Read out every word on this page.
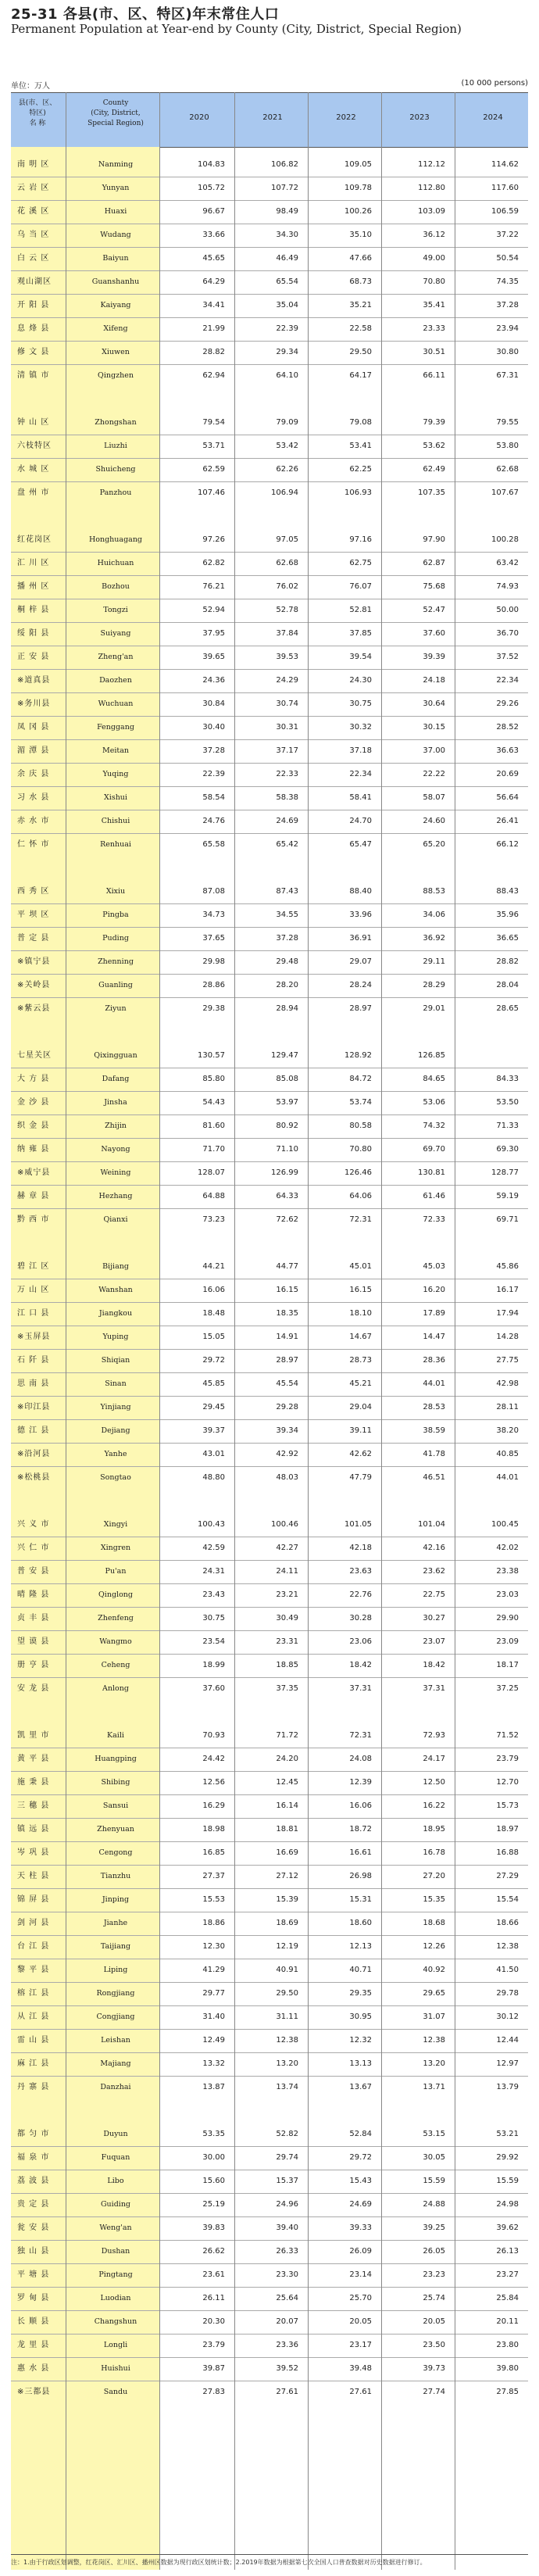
25-31 各县(市、区、特区)年末常住人口
Permanent Population at Year-end by County (City, District, Special Region)
单位：万人	(10 000 persons)
县(市、区、
特区)
名 称
County
(City, District,
Special Region)
2020	2021	2022	2023	2024
南 明 区	Nanming	104.83	106.82	109.05	112.12	114.62
云 岩 区	Yunyan	105.72	107.72	109.78	112.80	117.60
花 溪 区	Huaxi	96.67	98.49	100.26	103.09	106.59
乌 当 区	Wudang	33.66	34.30	35.10	36.12	37.22
白 云 区	Baiyun	45.65	46.49	47.66	49.00	50.54
观山湖区	Guanshanhu	64.29	65.54	68.73	70.80	74.35
开 阳 县	Kaiyang	34.41	35.04	35.21	35.41	37.28
息 烽 县	Xifeng	21.99	22.39	22.58	23.33	23.94
修 文 县	Xiuwen	28.82	29.34	29.50	30.51	30.80
清 镇 市	Qingzhen	62.94	64.10	64.17	66.11	67.31
钟 山 区	Zhongshan	79.54	79.09	79.08	79.39	79.55
六枝特区	Liuzhi	53.71	53.42	53.41	53.62	53.80
水 城 区	Shuicheng	62.59	62.26	62.25	62.49	62.68
盘 州 市	Panzhou	107.46	106.94	106.93	107.35	107.67
红花岗区	Honghuagang	97.26	97.05	97.16	97.90	100.28
汇 川 区	Huichuan	62.82	62.68	62.75	62.87	63.42
播 州 区	Bozhou	76.21	76.02	76.07	75.68	74.93
桐 梓 县	Tongzi	52.94	52.78	52.81	52.47	50.00
绥 阳 县	Suiyang	37.95	37.84	37.85	37.60	36.70
正 安 县	Zheng'an	39.65	39.53	39.54	39.39	37.52
※道真县	Daozhen	24.36	24.29	24.30	24.18	22.34
※务川县	Wuchuan	30.84	30.74	30.75	30.64	29.26
凤 冈 县	Fenggang	30.40	30.31	30.32	30.15	28.52
湄 潭 县	Meitan	37.28	37.17	37.18	37.00	36.63
余 庆 县	Yuqing	22.39	22.33	22.34	22.22	20.69
习 水 县	Xishui	58.54	58.38	58.41	58.07	56.64
赤 水 市	Chishui	24.76	24.69	24.70	24.60	26.41
仁 怀 市	Renhuai	65.58	65.42	65.47	65.20	66.12
西 秀 区	Xixiu	87.08	87.43	88.40	88.53	88.43
平 坝 区	Pingba	34.73	34.55	33.96	34.06	35.96
普 定 县	Puding	37.65	37.28	36.91	36.92	36.65
※镇宁县	Zhenning	29.98	29.48	29.07	29.11	28.82
※关岭县	Guanling	28.86	28.20	28.24	28.29	28.04
※紫云县	Ziyun	29.38	28.94	28.97	29.01	28.65
七星关区	Qixingguan	130.57	129.47	128.92	126.85
大 方 县	Dafang	85.80	85.08	84.72	84.65	84.33
金 沙 县	Jinsha	54.43	53.97	53.74	53.06	53.50
织 金 县	Zhijin	81.60	80.92	80.58	74.32	71.33
纳 雍 县	Nayong	71.70	71.10	70.80	69.70	69.30
※威宁县	Weining	128.07	126.99	126.46	130.81	128.77
赫 章 县	Hezhang	64.88	64.33	64.06	61.46	59.19
黔 西 市	Qianxi	73.23	72.62	72.31	72.33	69.71
碧 江 区	Bijiang	44.21	44.77	45.01	45.03	45.86
万 山 区	Wanshan	16.06	16.15	16.15	16.20	16.17
江 口 县	Jiangkou	18.48	18.35	18.10	17.89	17.94
※玉屏县	Yuping	15.05	14.91	14.67	14.47	14.28
石 阡 县	Shiqian	29.72	28.97	28.73	28.36	27.75
思 南 县	Sinan	45.85	45.54	45.21	44.01	42.98
※印江县	Yinjiang	29.45	29.28	29.04	28.53	28.11
德 江 县	Dejiang	39.37	39.34	39.11	38.59	38.20
※沿河县	Yanhe	43.01	42.92	42.62	41.78	40.85
※松桃县	Songtao	48.80	48.03	47.79	46.51	44.01
兴 义 市	Xingyi	100.43	100.46	101.05	101.04	100.45
兴 仁 市	Xingren	42.59	42.27	42.18	42.16	42.02
普 安 县	Pu'an	24.31	24.11	23.63	23.62	23.38
晴 隆 县	Qinglong	23.43	23.21	22.76	22.75	23.03
贞 丰 县	Zhenfeng	30.75	30.49	30.28	30.27	29.90
望 谟 县	Wangmo	23.54	23.31	23.06	23.07	23.09
册 亨 县	Ceheng	18.99	18.85	18.42	18.42	18.17
安 龙 县	Anlong	37.60	37.35	37.31	37.31	37.25
凯 里 市	Kaili	70.93	71.72	72.31	72.93	71.52
黄 平 县	Huangping	24.42	24.20	24.08	24.17	23.79
施 秉 县	Shibing	12.56	12.45	12.39	12.50	12.70
三 穗 县	Sansui	16.29	16.14	16.06	16.22	15.73
镇 远 县	Zhenyuan	18.98	18.81	18.72	18.95	18.97
岑 巩 县	Cengong	16.85	16.69	16.61	16.78	16.88
天 柱 县	Tianzhu	27.37	27.12	26.98	27.20	27.29
锦 屏 县	Jinping	15.53	15.39	15.31	15.35	15.54
剑 河 县	Jianhe	18.86	18.69	18.60	18.68	18.66
台 江 县	Taijiang	12.30	12.19	12.13	12.26	12.38
黎 平 县	Liping	41.29	40.91	40.71	40.92	41.50
榕 江 县	Rongjiang	29.77	29.50	29.35	29.65	29.78
从 江 县	Congjiang	31.40	31.11	30.95	31.07	30.12
雷 山 县	Leishan	12.49	12.38	12.32	12.38	12.44
麻 江 县	Majiang	13.32	13.20	13.13	13.20	12.97
丹 寨 县	Danzhai	13.87	13.74	13.67	13.71	13.79
都 匀 市	Duyun	53.35	52.82	52.84	53.15	53.21
福 泉 市	Fuquan	30.00	29.74	29.72	30.05	29.92
荔 波 县	Libo	15.60	15.37	15.43	15.59	15.59
贵 定 县	Guiding	25.19	24.96	24.69	24.88	24.98
瓮 安 县	Weng'an	39.83	39.40	39.33	39.25	39.62
独 山 县	Dushan	26.62	26.33	26.09	26.05	26.13
平 塘 县	Pingtang	23.61	23.30	23.14	23.23	23.27
罗 甸 县	Luodian	26.11	25.64	25.70	25.74	25.84
长 顺 县	Changshun	20.30	20.07	20.05	20.05	20.11
龙 里 县	Longli	23.79	23.36	23.17	23.50	23.80
惠 水 县	Huishui	39.87	39.52	39.48	39.73	39.80
※三都县	Sandu	27.83	27.61	27.61	27.74	27.85
注：1.由于行政区划调整，红花岗区、汇川区、播州区数据为现行政区划统计数；2.2019年数据为根据第七次全国人口普查数据对历史数据进行修订。
